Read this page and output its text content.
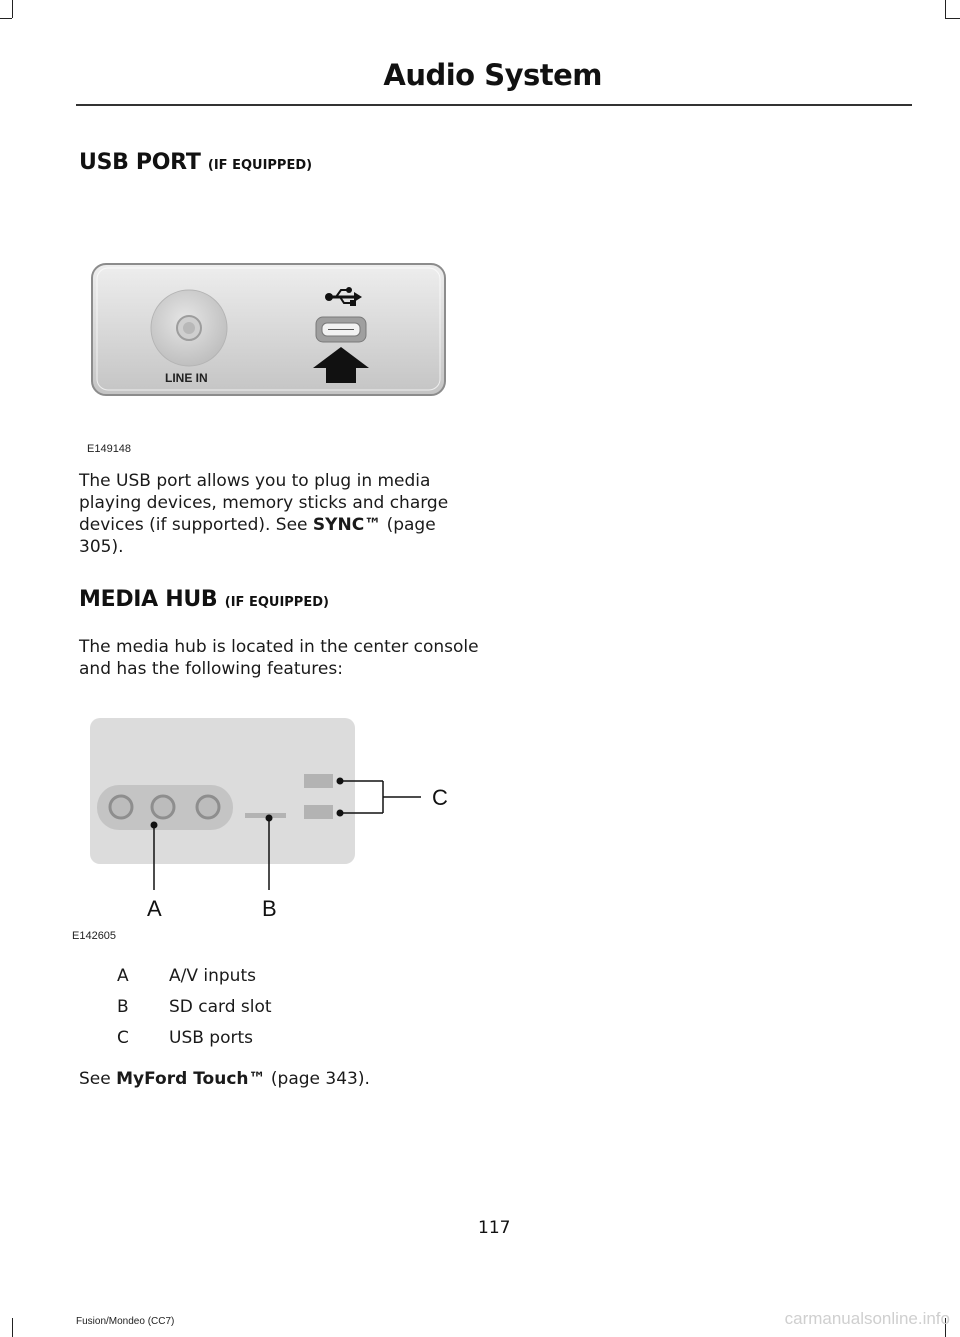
Audio System
USB PORT (IF EQUIPPED)
LINE IN
E149148
The USB port allows you to plug in media playing devices, memory sticks and charge devices (if supported). See SYNC™ (page 305).
MEDIA HUB (IF EQUIPPED)
The media hub is located in the center console and has the following features:
A	B
C
E142605
A A/V inputs
B SD card slot
C USB ports
See MyFord Touch™ (page 343).
117
Fusion/Mondeo (CC7)	carmanualsonline.info
